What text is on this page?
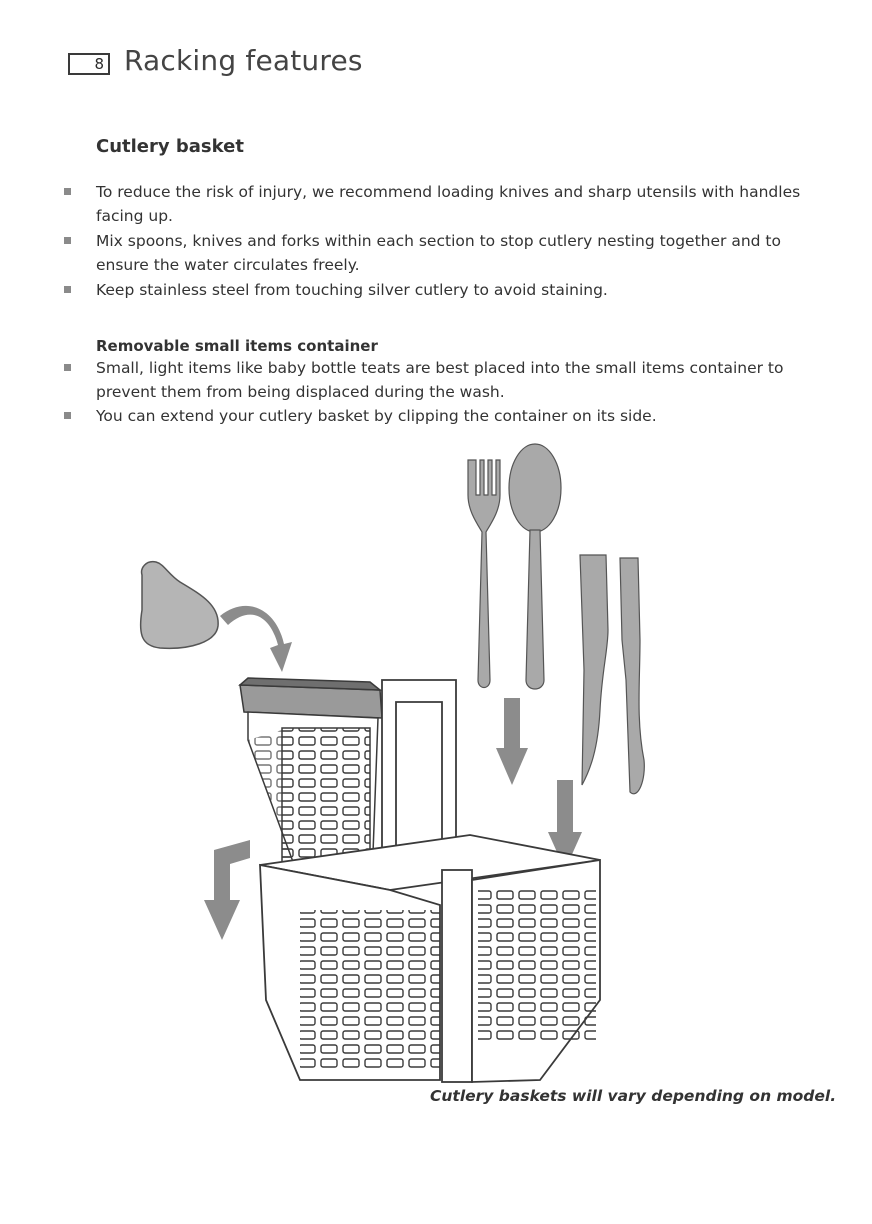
8 Racking features
Cutlery basket
To reduce the risk of injury, we recommend loading knives and sharp utensils with handles facing up.
Mix spoons, knives and forks within each section to stop cutlery nesting together and to ensure the water circulates freely.
Keep stainless steel from touching silver cutlery to avoid staining.
Removable small items container
Small, light items like baby bottle teats are best placed into the small items container to prevent them from being displaced during the wash.
You can extend your cutlery basket by clipping the container on its side.

Cutlery baskets will vary depending on model.
